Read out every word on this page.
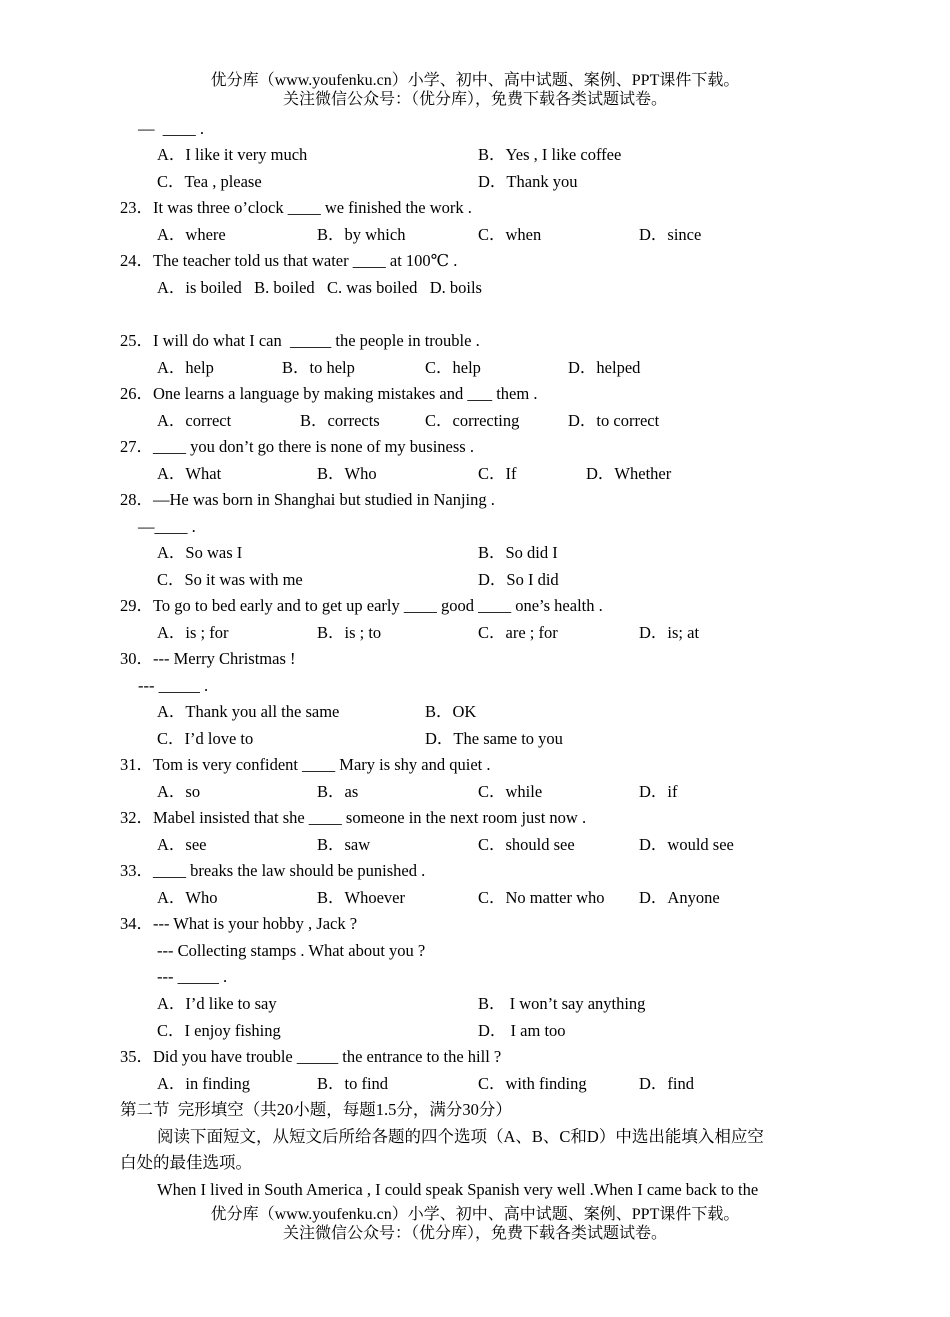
优分库（www.youfenku.cn）小学、初中、高中试题、案例、PPT课件下载。
关注微信公众号：（优分库），免费下载各类试题试卷。
—  ____ .
A．I like it very much	B．Yes , I like coffee
C．Tea , please	D．Thank you
23．It was three o’clock ____ we finished the work .
A．where	B．by which	C．when	D．since
24．The teacher told us that water ____ at 100℃ .
A．is boiled   B. boiled   C. was boiled   D. boils
25．I will do what I can  _____ the people in trouble .
A．help	B．to help	C．help	D．helped
26．One learns a language by making mistakes and ___ them .
A．correct	B．corrects	C．correcting	D．to correct
27．____ you don’t go there is none of my business .
A．What	B．Who	C．If	D．Whether
28．—He was born in Shanghai but studied in Nanjing .
—____ .
A．So was I	B．So did I
C．So it was with me	D．So I did
29．To go to bed early and to get up early ____ good ____ one’s health .
A．is ; for	B．is ; to	C．are ; for	D．is; at
30．--- Merry Christmas !
--- _____ .
A．Thank you all the same	B．OK
C．I’d love to	D．The same to you
31．Tom is very confident ____ Mary is shy and quiet .
A．so	B．as	C．while	D．if
32．Mabel insisted that she ____ someone in the next room just now .
A．see	B．saw	C．should see	D．would see
33．____ breaks the law should be punished .
A．Who	B．Whoever	C．No matter who D．Anyone
34．--- What is your hobby , Jack ?
--- Collecting stamps . What about you ?
--- _____ .
A．I’d like to say	B． I won’t say anything
C．I enjoy fishing	D． I am too
35．Did you have trouble _____ the entrance to the hill ?
A．in finding	B．to find	C．with finding	D．find
第二节  完形填空（共20小题，每题1.5分，满分30分）
阅读下面短文，从短文后所给各题的四个选项（A、B、C和D）中选出能填入相应空
白处的最佳选项。
When I lived in South America , I could speak Spanish very well .When I came back to the
优分库（www.youfenku.cn）小学、初中、高中试题、案例、PPT课件下载。
关注微信公众号：（优分库），免费下载各类试题试卷。
